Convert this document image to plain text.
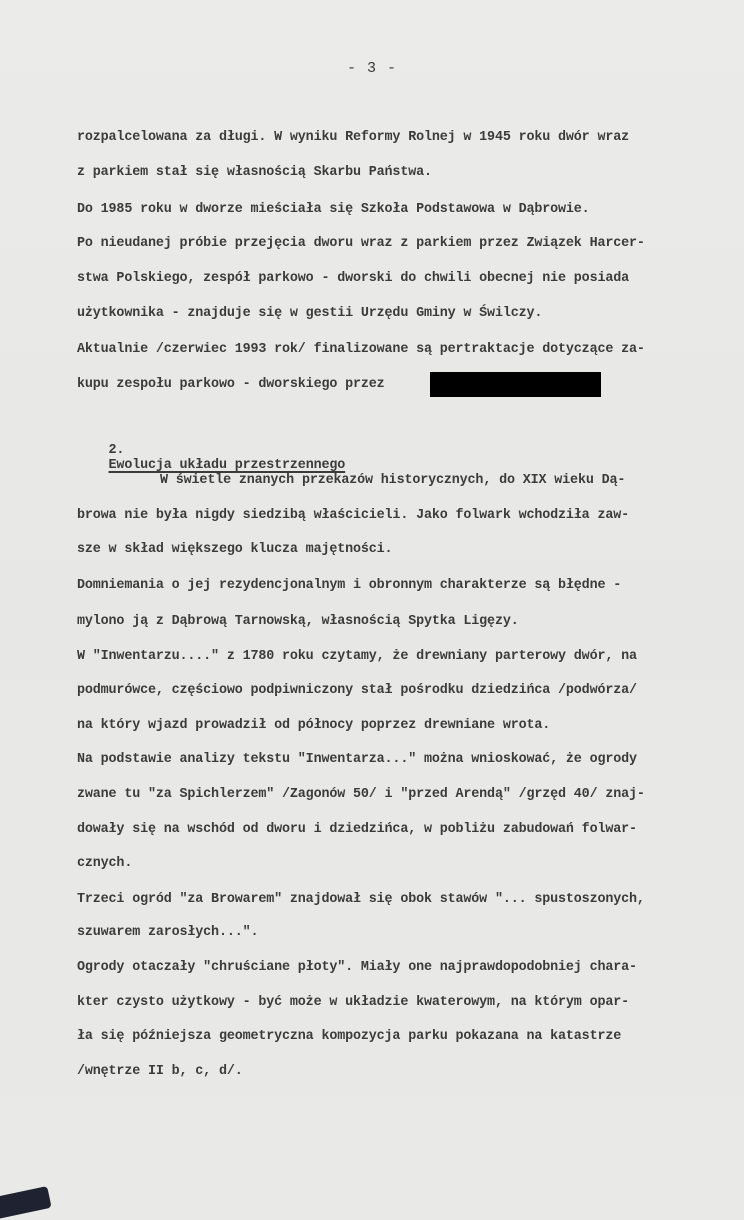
- 3 -
rozpalcelowana za długi. W wyniku Reformy Rolnej w 1945 roku dwór wraz
z parkiem stał się własnością Skarbu Państwa.
Do 1985 roku w dworze mieściała się Szkoła Podstawowa w Dąbrowie.
Po nieudanej próbie przejęcia dworu wraz z parkiem przez Związek Harcer-
stwa Polskiego, zespół parkowo - dworski do chwili obecnej nie posiada
użytkownika - znajduje się w gestii Urzędu Gminy w Świlczy.
Aktualnie /czerwiec 1993 rok/ finalizowane są pertraktacje dotyczące za-
kupu zespołu parkowo - dworskiego przez

2.
Ewolucja układu przestrzennego

W świetle znanych przekazów historycznych, do XIX wieku Dą-
browa nie była nigdy siedzibą właścicieli. Jako folwark wchodziła zaw-
sze w skład większego klucza majętności.
Domniemania o jej rezydencjonalnym i obronnym charakterze są błędne -
mylono ją z Dąbrową Tarnowską, własnością Spytka Ligęzy.
W "Inwentarzu...." z 1780 roku czytamy, że drewniany parterowy dwór, na
podmurówce, częściowo podpiwniczony stał pośrodku dziedzińca /podwórza/
na który wjazd prowadził od północy poprzez drewniane wrota.
Na podstawie analizy tekstu "Inwentarza..." można wnioskować, że ogrody
zwane tu "za Spichlerzem" /Zagonów 50/ i "przed Arendą" /grzęd 40/ znaj-
dowały się na wschód od dworu i dziedzińca, w pobliżu zabudowań folwar-
cznych.
Trzeci ogród "za Browarem" znajdował się obok stawów "... spustoszonych,
szuwarem zarosłych...".
Ogrody otaczały "chruściane płoty". Miały one najprawdopodobniej chara-
kter czysto użytkowy - być może w układzie kwaterowym, na którym opar-
ła się późniejsza geometryczna kompozycja parku pokazana na katastrze
/wnętrze II b, c, d/.
